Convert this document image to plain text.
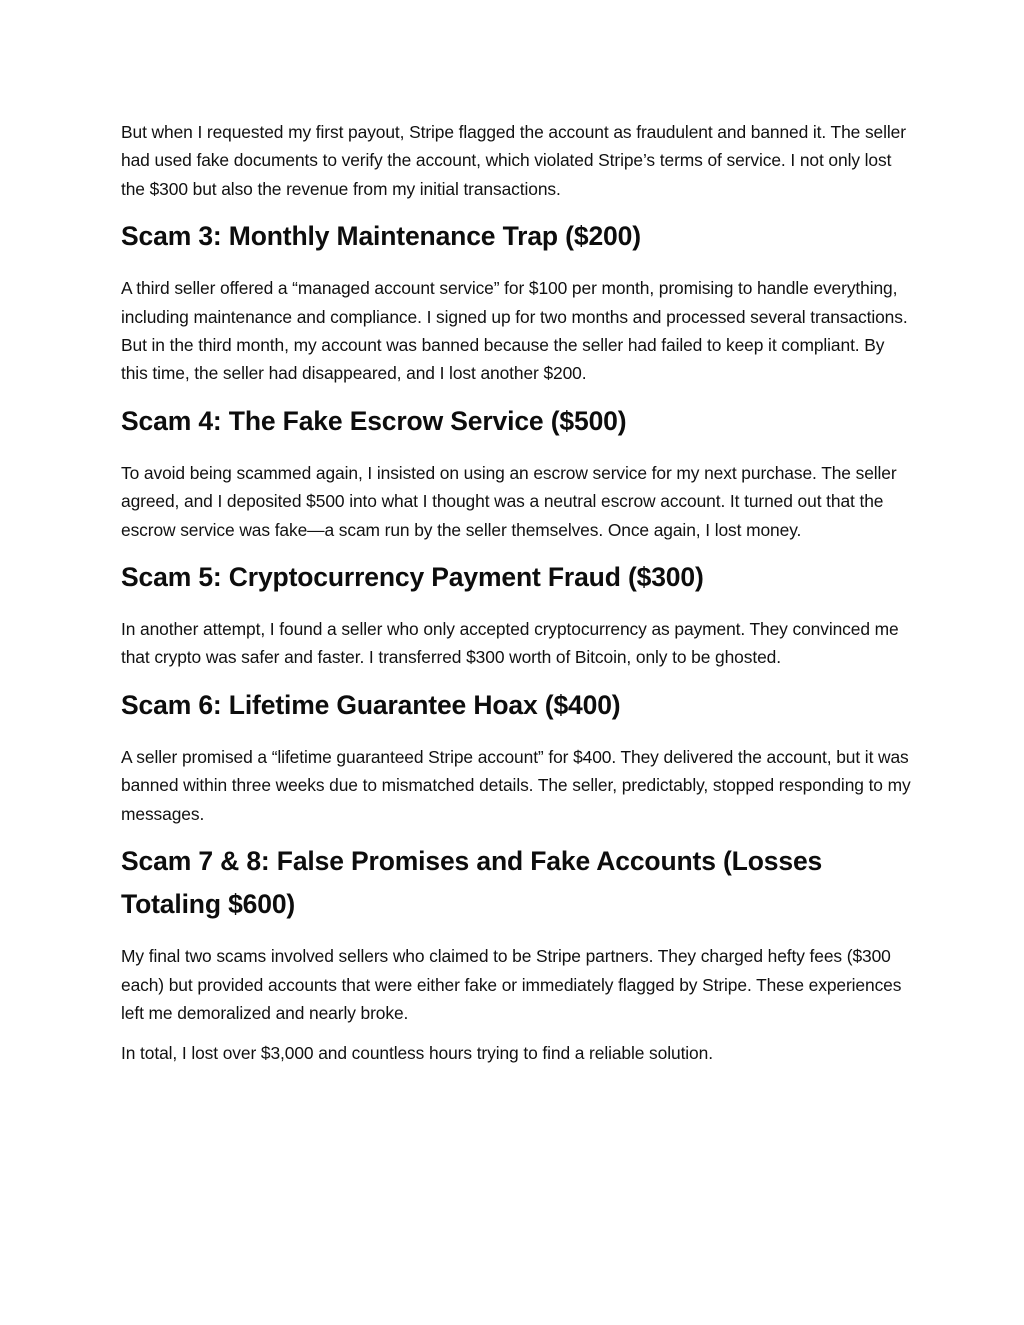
But when I requested my first payout, Stripe flagged the account as fraudulent and banned it. The seller had used fake documents to verify the account, which violated Stripe’s terms of service. I not only lost the $300 but also the revenue from my initial transactions.

Scam 3: Monthly Maintenance Trap ($200)

A third seller offered a “managed account service” for $100 per month, promising to handle everything, including maintenance and compliance. I signed up for two months and processed several transactions. But in the third month, my account was banned because the seller had failed to keep it compliant. By this time, the seller had disappeared, and I lost another $200.

Scam 4: The Fake Escrow Service ($500)

To avoid being scammed again, I insisted on using an escrow service for my next purchase. The seller agreed, and I deposited $500 into what I thought was a neutral escrow account. It turned out that the escrow service was fake—a scam run by the seller themselves. Once again, I lost money.

Scam 5: Cryptocurrency Payment Fraud ($300)

In another attempt, I found a seller who only accepted cryptocurrency as payment. They convinced me that crypto was safer and faster. I transferred $300 worth of Bitcoin, only to be ghosted.

Scam 6: Lifetime Guarantee Hoax ($400)

A seller promised a “lifetime guaranteed Stripe account” for $400. They delivered the account, but it was banned within three weeks due to mismatched details. The seller, predictably, stopped responding to my messages.

Scam 7 & 8: False Promises and Fake Accounts (Losses Totaling $600)

My final two scams involved sellers who claimed to be Stripe partners. They charged hefty fees ($300 each) but provided accounts that were either fake or immediately flagged by Stripe. These experiences left me demoralized and nearly broke.

In total, I lost over $3,000 and countless hours trying to find a reliable solution.
